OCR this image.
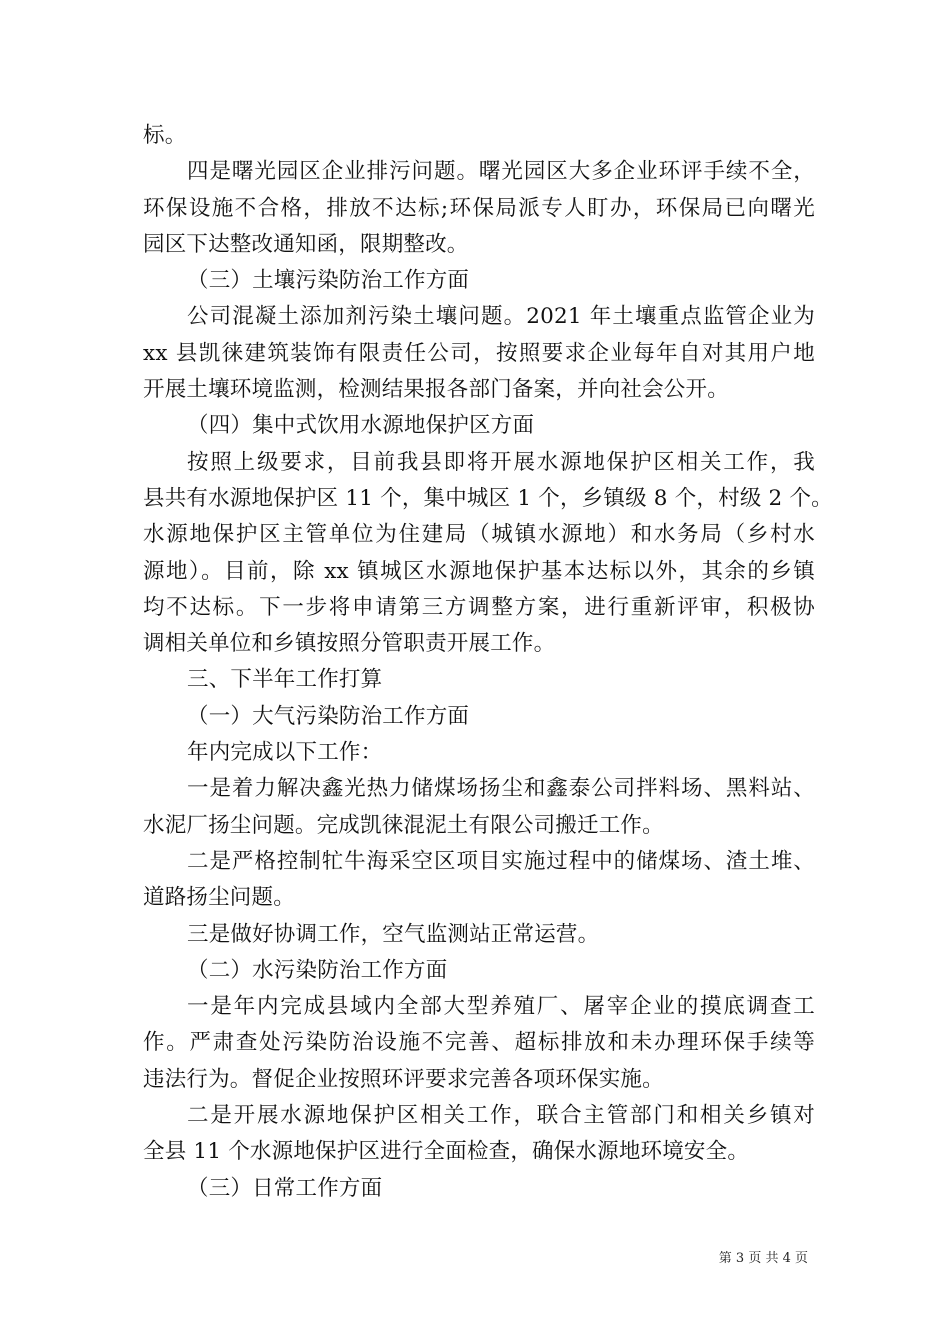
标。
四是曙光园区企业排污问题。曙光园区大多企业环评手续不全，
环保设施不合格，排放不达标;环保局派专人盯办，环保局已向曙光
园区下达整改通知函，限期整改。
（三）土壤污染防治工作方面
公司混凝土添加剂污染土壤问题。2021 年土壤重点监管企业为
xx 县凯徕建筑装饰有限责任公司，按照要求企业每年自对其用户地
开展土壤环境监测，检测结果报各部门备案，并向社会公开。
（四）集中式饮用水源地保护区方面
按照上级要求，目前我县即将开展水源地保护区相关工作，我
县共有水源地保护区 11 个，集中城区 1 个，乡镇级 8 个，村级 2 个。
水源地保护区主管单位为住建局（城镇水源地）和水务局（乡村水
源地）。目前，除 xx 镇城区水源地保护基本达标以外，其余的乡镇
均不达标。下一步将申请第三方调整方案，进行重新评审，积极协
调相关单位和乡镇按照分管职责开展工作。
三、下半年工作打算
（一）大气污染防治工作方面
年内完成以下工作：
一是着力解决鑫光热力储煤场扬尘和鑫泰公司拌料场、黑料站、
水泥厂扬尘问题。完成凯徕混泥土有限公司搬迁工作。
二是严格控制牤牛海采空区项目实施过程中的储煤场、渣土堆、
道路扬尘问题。
三是做好协调工作，空气监测站正常运营。
（二）水污染防治工作方面
一是年内完成县域内全部大型养殖厂、屠宰企业的摸底调查工
作。严肃查处污染防治设施不完善、超标排放和未办理环保手续等
违法行为。督促企业按照环评要求完善各项环保实施。
二是开展水源地保护区相关工作，联合主管部门和相关乡镇对
全县 11 个水源地保护区进行全面检查，确保水源地环境安全。
（三）日常工作方面
第 3 页 共 4 页
